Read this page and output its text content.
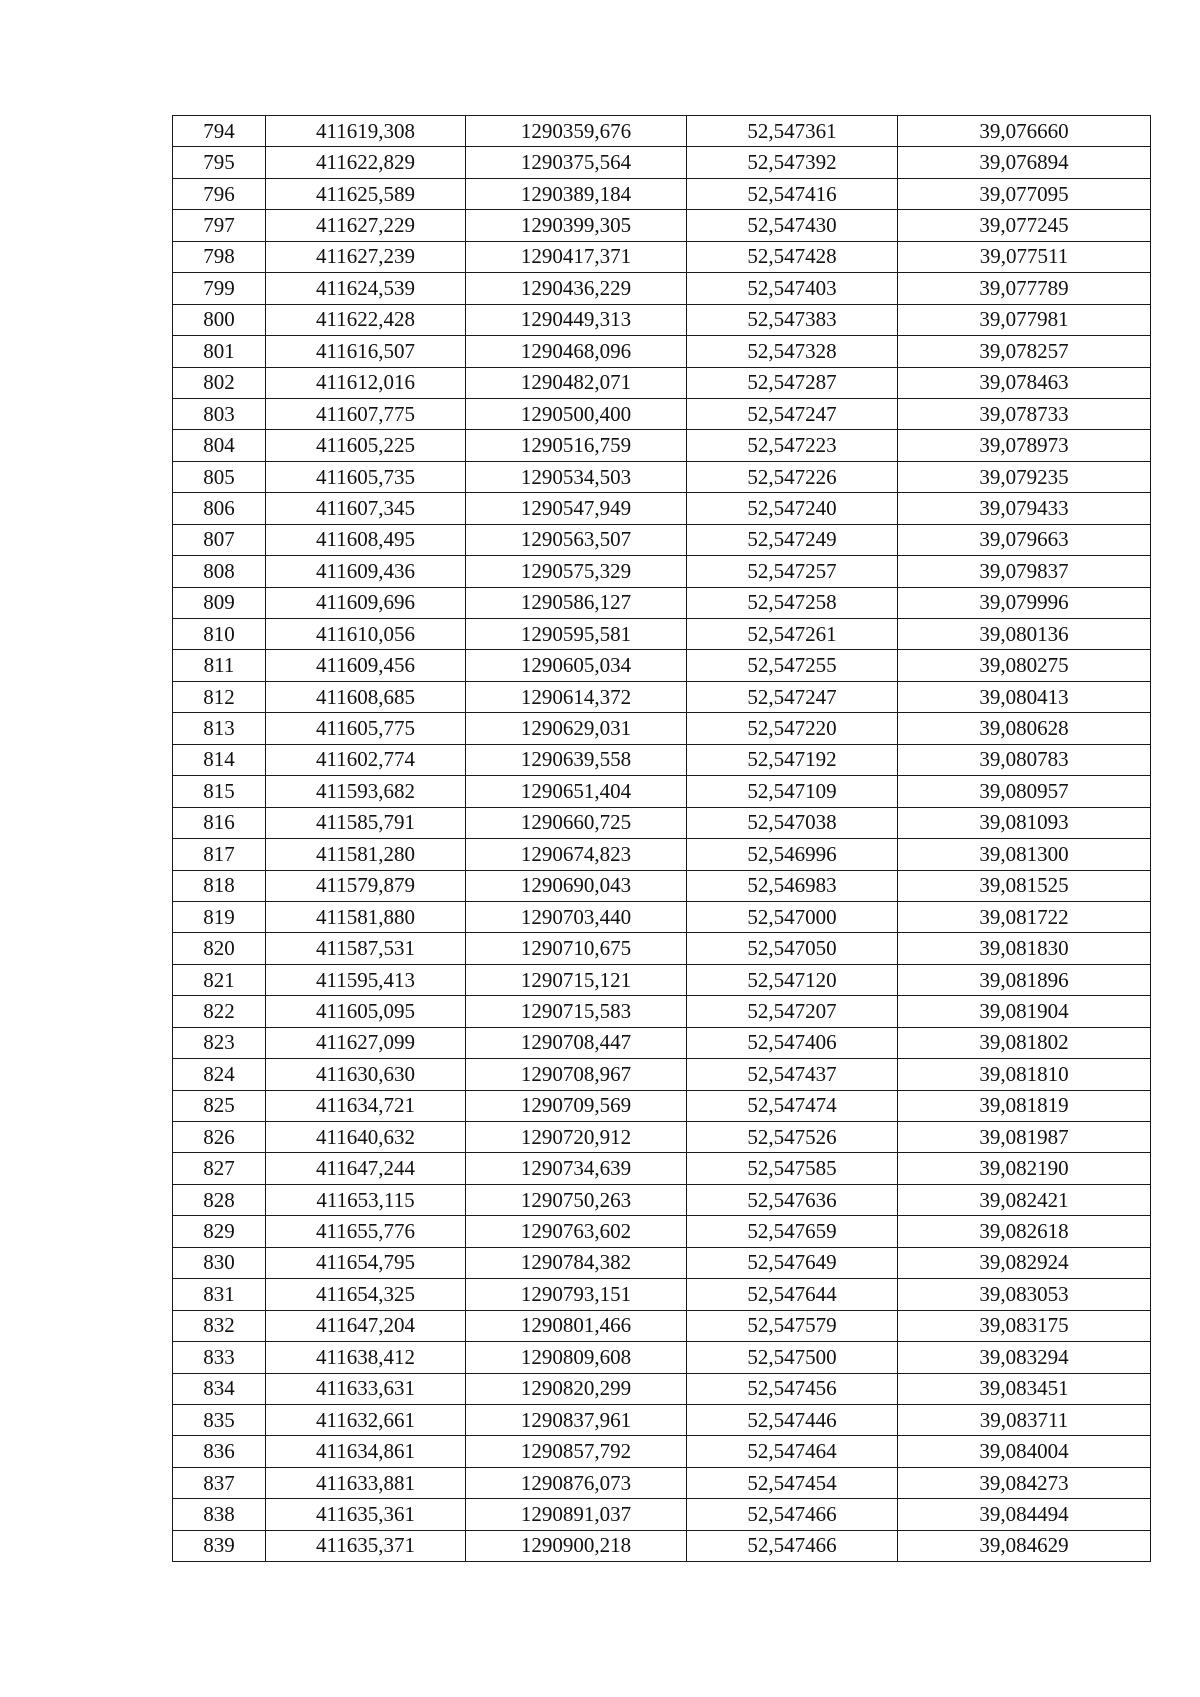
794	411619,308	1290359,676	52,547361	39,076660
795	411622,829	1290375,564	52,547392	39,076894
796	411625,589	1290389,184	52,547416	39,077095
797	411627,229	1290399,305	52,547430	39,077245
798	411627,239	1290417,371	52,547428	39,077511
799	411624,539	1290436,229	52,547403	39,077789
800	411622,428	1290449,313	52,547383	39,077981
801	411616,507	1290468,096	52,547328	39,078257
802	411612,016	1290482,071	52,547287	39,078463
803	411607,775	1290500,400	52,547247	39,078733
804	411605,225	1290516,759	52,547223	39,078973
805	411605,735	1290534,503	52,547226	39,079235
806	411607,345	1290547,949	52,547240	39,079433
807	411608,495	1290563,507	52,547249	39,079663
808	411609,436	1290575,329	52,547257	39,079837
809	411609,696	1290586,127	52,547258	39,079996
810	411610,056	1290595,581	52,547261	39,080136
811	411609,456	1290605,034	52,547255	39,080275
812	411608,685	1290614,372	52,547247	39,080413
813	411605,775	1290629,031	52,547220	39,080628
814	411602,774	1290639,558	52,547192	39,080783
815	411593,682	1290651,404	52,547109	39,080957
816	411585,791	1290660,725	52,547038	39,081093
817	411581,280	1290674,823	52,546996	39,081300
818	411579,879	1290690,043	52,546983	39,081525
819	411581,880	1290703,440	52,547000	39,081722
820	411587,531	1290710,675	52,547050	39,081830
821	411595,413	1290715,121	52,547120	39,081896
822	411605,095	1290715,583	52,547207	39,081904
823	411627,099	1290708,447	52,547406	39,081802
824	411630,630	1290708,967	52,547437	39,081810
825	411634,721	1290709,569	52,547474	39,081819
826	411640,632	1290720,912	52,547526	39,081987
827	411647,244	1290734,639	52,547585	39,082190
828	411653,115	1290750,263	52,547636	39,082421
829	411655,776	1290763,602	52,547659	39,082618
830	411654,795	1290784,382	52,547649	39,082924
831	411654,325	1290793,151	52,547644	39,083053
832	411647,204	1290801,466	52,547579	39,083175
833	411638,412	1290809,608	52,547500	39,083294
834	411633,631	1290820,299	52,547456	39,083451
835	411632,661	1290837,961	52,547446	39,083711
836	411634,861	1290857,792	52,547464	39,084004
837	411633,881	1290876,073	52,547454	39,084273
838	411635,361	1290891,037	52,547466	39,084494
839	411635,371	1290900,218	52,547466	39,084629
